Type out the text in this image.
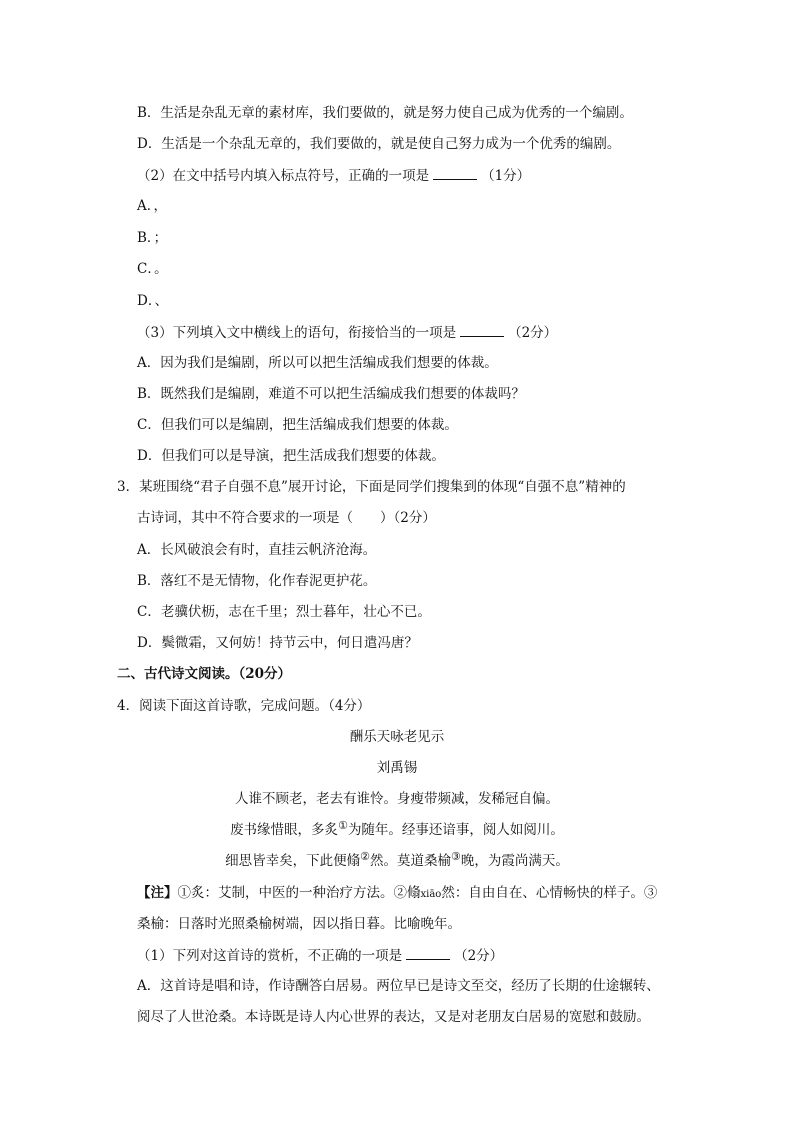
B．生活是杂乱无章的素材库，我们要做的，就是努力使自己成为优秀的一个编剧。
D．生活是一个杂乱无章的，我们要做的，就是使自己努力成为一个优秀的编剧。
（2）在文中括号内填入标点符号，正确的一项是	（1分）
A．，
B．；
C．。
D．、
（3）下列填入文中横线上的语句，衔接恰当的一项是	（2分）
A．因为我们是编剧，所以可以把生活编成我们想要的体裁。
B．既然我们是编剧，难道不可以把生活编成我们想要的体裁吗？
C．但我们可以是编剧，把生活编成我们想要的体裁。
D．但我们可以是导演，把生活成我们想要的体裁。
3．某班围绕“君子自强不息”展开讨论，下面是同学们搜集到的体现“自强不息”精神的
古诗词，其中不符合要求的一项是（　　）（2分）
A．长风破浪会有时，直挂云帆济沧海。
B．落红不是无情物，化作春泥更护花。
C．老骥伏枥，志在千里；烈士暮年，壮心不已。
D．鬓微霜，又何妨！持节云中，何日遣冯唐？
二、古代诗文阅读。（20分）
4．阅读下面这首诗歌，完成问题。（4分）
酬乐天咏老见示
刘禹锡
人谁不顾老，老去有谁怜。身瘦带频减，发稀冠自偏。
废书缘惜眼，多炙①为随年。经事还谙事，阅人如阅川。
细思皆幸矣，下此便翛②然。莫道桑榆③晚，为霞尚满天。
【注】①炙：艾制，中医的一种治疗方法。②翛xiāo然：自由自在、心情畅快的样子。③
桑榆：日落时光照桑榆树端，因以指日暮。比喻晚年。
（1）下列对这首诗的赏析，不正确的一项是	（2分）
A．这首诗是唱和诗，作诗酬答白居易。两位早已是诗文至交，经历了长期的仕途辗转、
阅尽了人世沧桑。本诗既是诗人内心世界的表达，又是对老朋友白居易的宽慰和鼓励。
